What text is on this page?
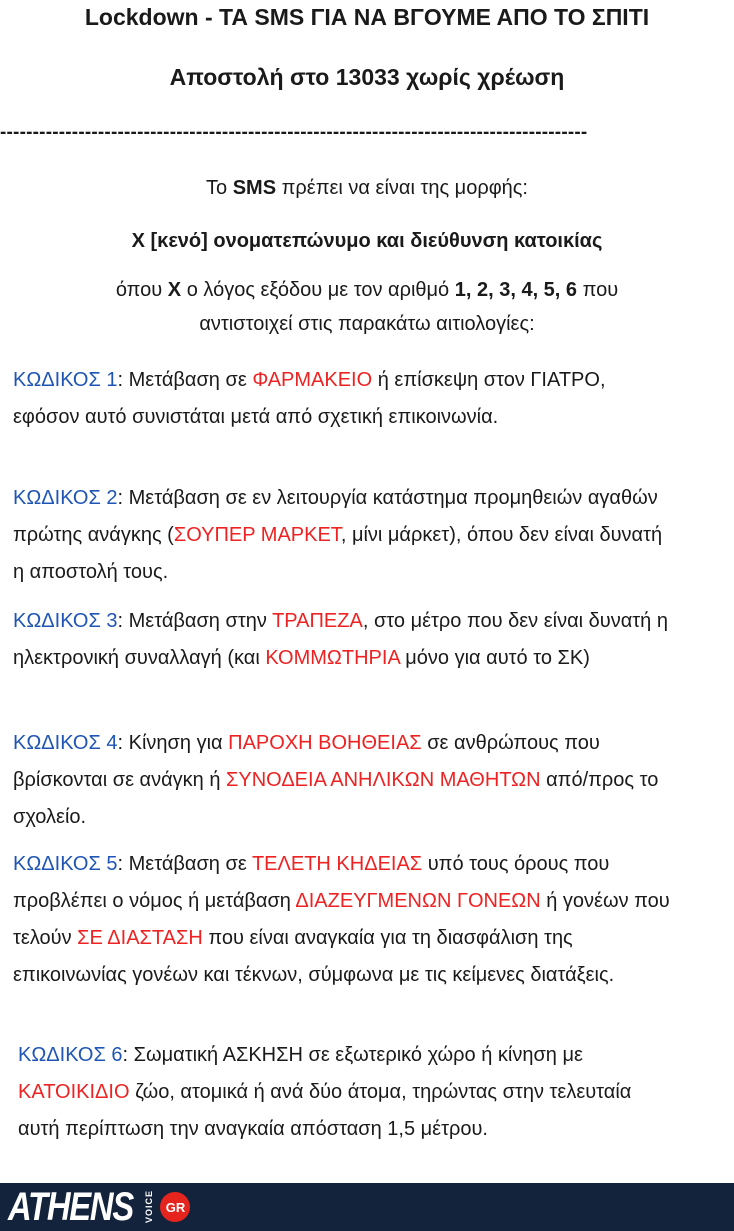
Lockdown - ΤΑ SMS ΓΙΑ ΝΑ ΒΓΟΥΜΕ ΑΠΟ ΤΟ ΣΠΙΤΙ
Αποστολή στο 13033 χωρίς χρέωση
------------------------------------------------------------------------------------------
Το SMS πρέπει να είναι της μορφής:
Χ [κενό] ονοματεπώνυμο και διεύθυνση κατοικίας
όπου Χ ο λόγος εξόδου με τον αριθμό 1, 2, 3, 4, 5, 6 που
αντιστοιχεί στις παρακάτω αιτιολογίες:

ΚΩΔΙΚΟΣ 1: Μετάβαση σε ΦΑΡΜΑΚΕΙΟ ή επίσκεψη στον ΓΙΑΤΡΟ, εφόσον αυτό συνιστάται μετά από σχετική επικοινωνία.

ΚΩΔΙΚΟΣ 2: Μετάβαση σε εν λειτουργία κατάστημα προμηθειών αγαθών πρώτης ανάγκης (ΣΟΥΠΕΡ ΜΑΡΚΕΤ, μίνι μάρκετ), όπου δεν είναι δυνατή η αποστολή τους.

ΚΩΔΙΚΟΣ 3: Μετάβαση στην ΤΡΑΠΕΖΑ, στο μέτρο που δεν είναι δυνατή η ηλεκτρονική συναλλαγή (και ΚΟΜΜΩΤΗΡΙΑ μόνο για αυτό το ΣΚ)

ΚΩΔΙΚΟΣ 4: Κίνηση για ΠΑΡΟΧΗ ΒΟΗΘΕΙΑΣ σε ανθρώπους που βρίσκονται σε ανάγκη ή ΣΥΝΟΔΕΙΑ ΑΝΗΛΙΚΩΝ ΜΑΘΗΤΩΝ από/προς το σχολείο.

ΚΩΔΙΚΟΣ 5: Μετάβαση σε ΤΕΛΕΤΗ ΚΗΔΕΙΑΣ υπό τους όρους που προβλέπει ο νόμος ή μετάβαση ΔΙΑΖΕΥΓΜΕΝΩΝ ΓΟΝΕΩΝ ή γονέων που τελούν ΣΕ ΔΙΑΣΤΑΣΗ που είναι αναγκαία για τη διασφάλιση της επικοινωνίας γονέων και τέκνων, σύμφωνα με τις κείμενες διατάξεις.

ΚΩΔΙΚΟΣ 6: Σωματική ΑΣΚΗΣΗ σε εξωτερικό χώρο ή κίνηση με ΚΑΤΟΙΚΙΔΙΟ ζώο, ατομικά ή ανά δύο άτομα, τηρώντας στην τελευταία αυτή περίπτωση την αναγκαία απόσταση 1,5 μέτρου.

ATHENS VOICE GR
